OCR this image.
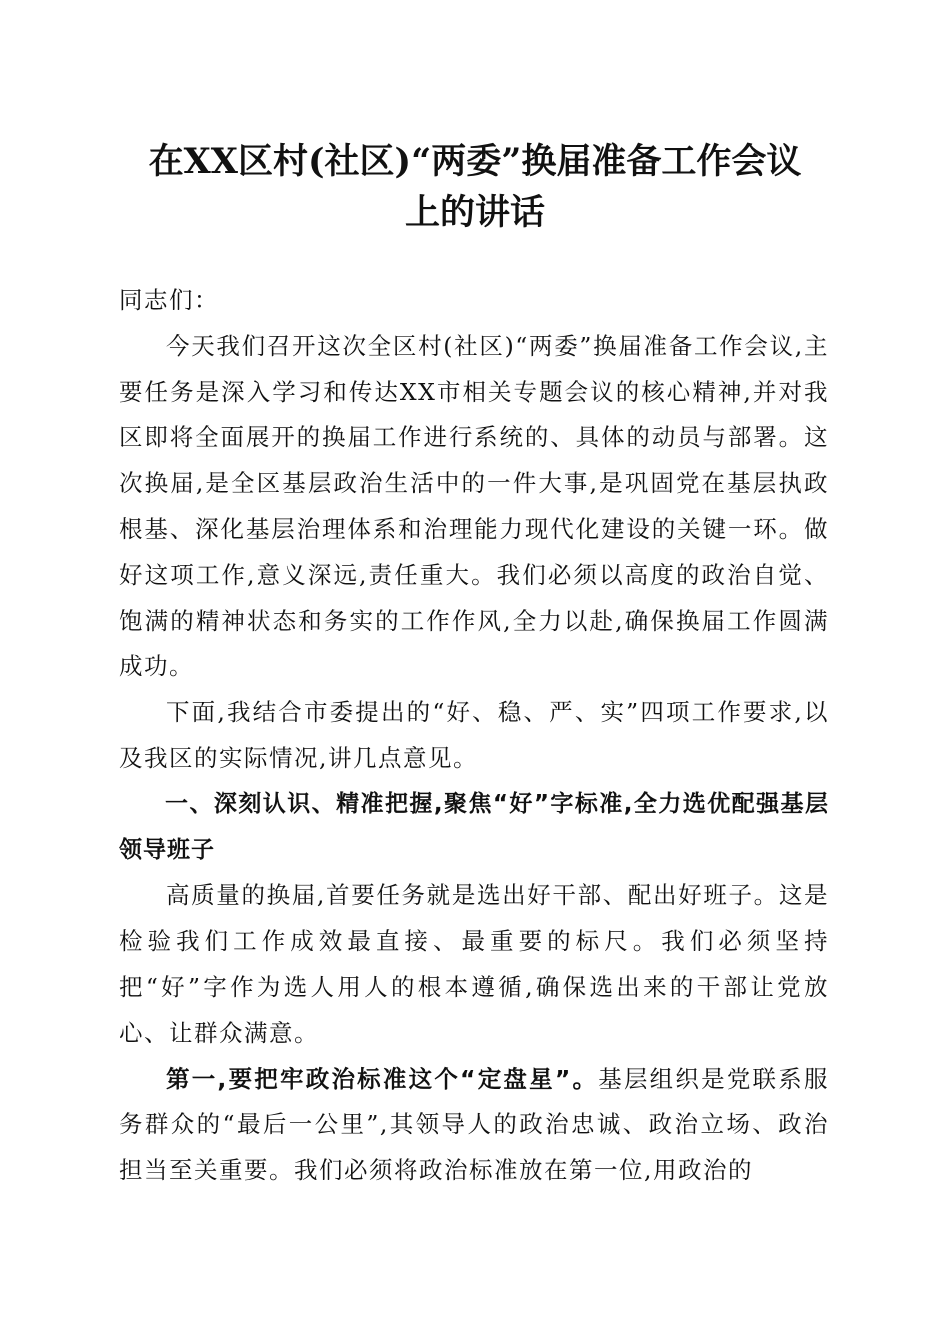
在XX区村(社区)“两委”换届准备工作会议
上的讲话

同志们：

今天我们召开这次全区村(社区)“两委”换届准备工作会议,主要任务是深入学习和传达XX市相关专题会议的核心精神,并对我区即将全面展开的换届工作进行系统的、具体的动员与部署。这次换届,是全区基层政治生活中的一件大事,是巩固党在基层执政根基、深化基层治理体系和治理能力现代化建设的关键一环。做好这项工作,意义深远,责任重大。我们必须以高度的政治自觉、饱满的精神状态和务实的工作作风,全力以赴,确保换届工作圆满成功。

下面,我结合市委提出的“好、稳、严、实”四项工作要求,以及我区的实际情况,讲几点意见。

一、深刻认识、精准把握,聚焦“好”字标准,全力选优配强基层领导班子

高质量的换届,首要任务就是选出好干部、配出好班子。这是检验我们工作成效最直接、最重要的标尺。我们必须坚持把“好”字作为选人用人的根本遵循,确保选出来的干部让党放心、让群众满意。

第一,要把牢政治标准这个“定盘星”。基层组织是党联系服务群众的“最后一公里”,其领导人的政治忠诚、政治立场、政治担当至关重要。我们必须将政治标准放在第一位,用政治的
